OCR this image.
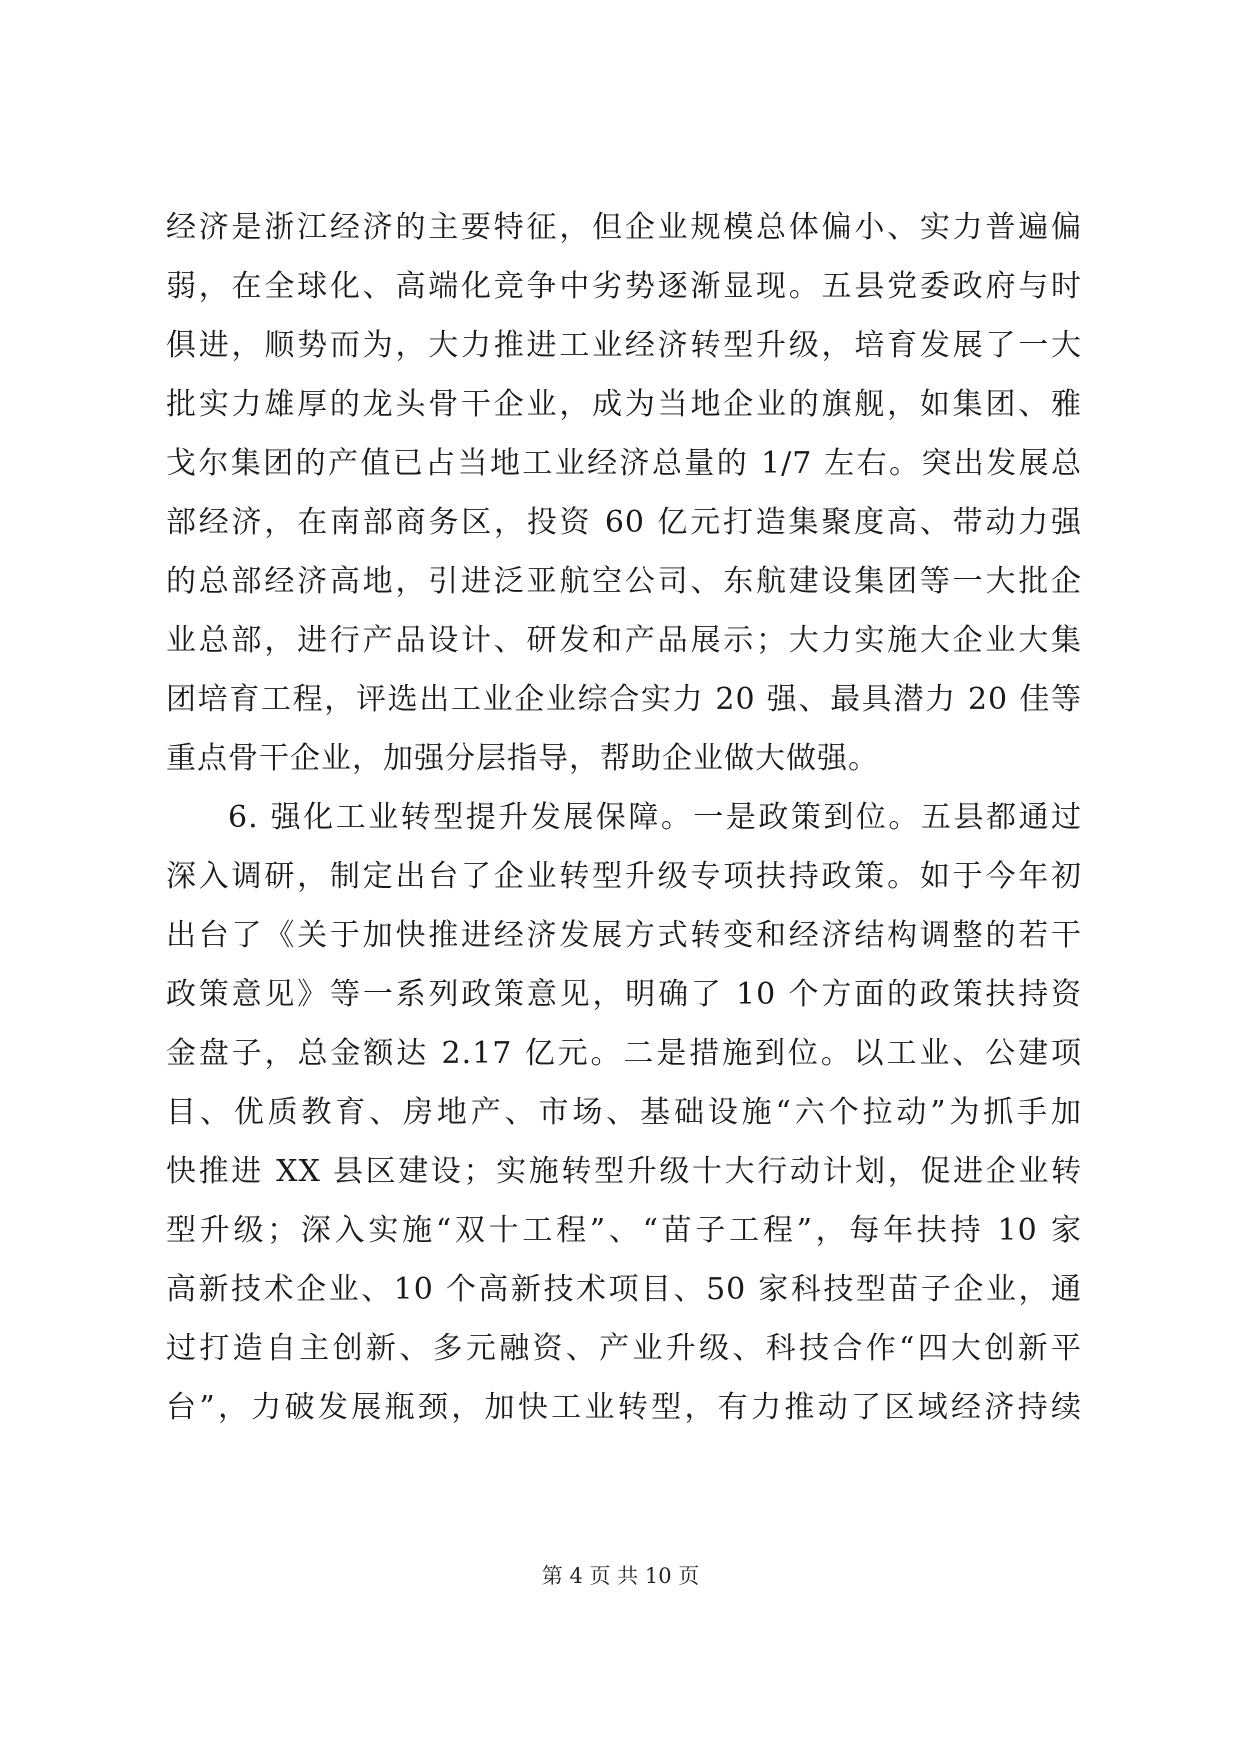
经济是浙江经济的主要特征，但企业规模总体偏小、实力普遍偏
弱，在全球化、高端化竞争中劣势逐渐显现。五县党委政府与时
俱进，顺势而为，大力推进工业经济转型升级，培育发展了一大
批实力雄厚的龙头骨干企业，成为当地企业的旗舰，如集团、雅
戈尔集团的产值已占当地工业经济总量的 1/7 左右。突出发展总
部经济，在南部商务区，投资 60 亿元打造集聚度高、带动力强
的总部经济高地，引进泛亚航空公司、东航建设集团等一大批企
业总部，进行产品设计、研发和产品展示；大力实施大企业大集
团培育工程，评选出工业企业综合实力 20 强、最具潜力 20 佳等
重点骨干企业，加强分层指导，帮助企业做大做强。
6. 强化工业转型提升发展保障。一是政策到位。五县都通过
深入调研，制定出台了企业转型升级专项扶持政策。如于今年初
出台了《关于加快推进经济发展方式转变和经济结构调整的若干
政策意见》等一系列政策意见，明确了 10 个方面的政策扶持资
金盘子，总金额达 2.17 亿元。二是措施到位。以工业、公建项
目、优质教育、房地产、市场、基础设施“六个拉动”为抓手加
快推进 XX 县区建设；实施转型升级十大行动计划，促进企业转
型升级；深入实施“双十工程”、“苗子工程”，每年扶持 10 家
高新技术企业、10 个高新技术项目、50 家科技型苗子企业，通
过打造自主创新、多元融资、产业升级、科技合作“四大创新平
台”，力破发展瓶颈，加快工业转型，有力推动了区域经济持续
第 4 页 共 10 页
